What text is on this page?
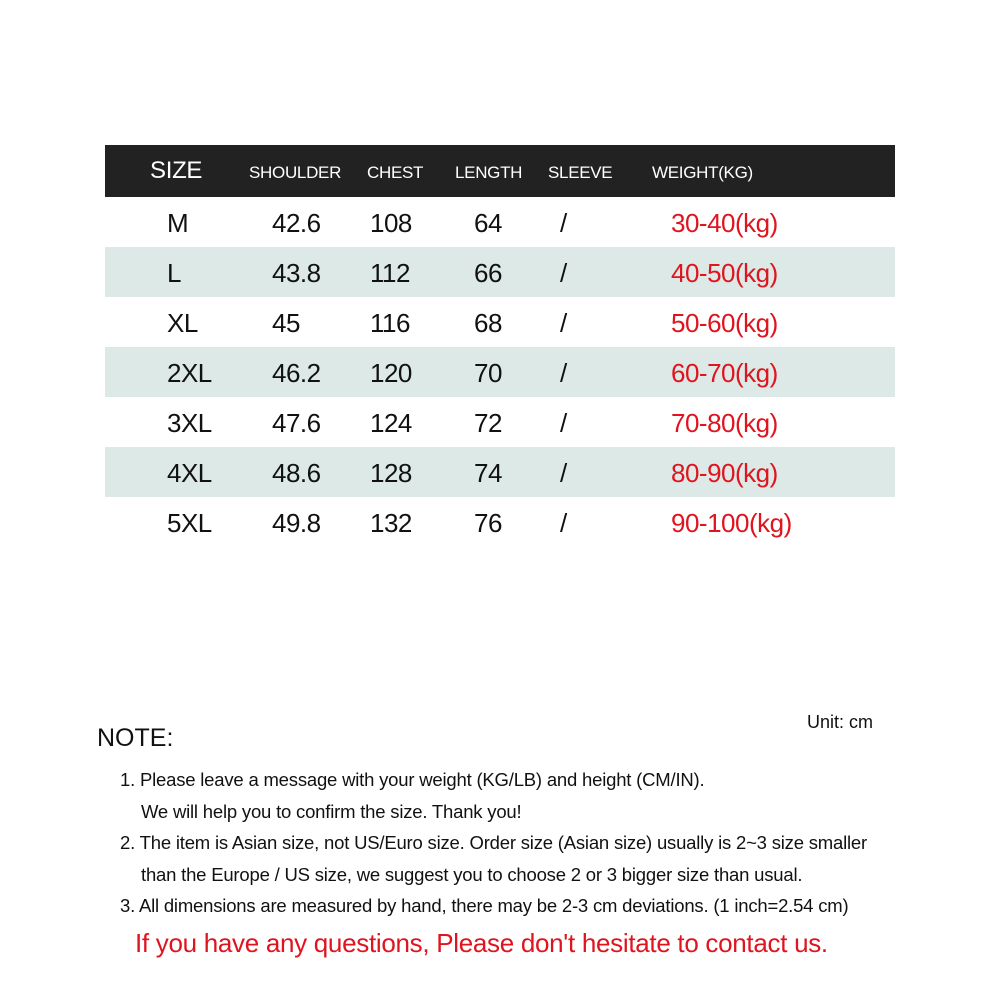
SIZE	SHOULDER CHEST LENGTH SLEEVE WEIGHT(KG)
M	42.6 108 64 /	30-40(kg)
L	43.8 112 66 /	40-50(kg)
XL	45	116 68 /	50-60(kg)
2XL 46.2 120 70 /	60-70(kg)
3XL 47.6 124 72 /	70-80(kg)
4XL 48.6 128 74 /	80-90(kg)
5XL 49.8 132 76 /	90-100(kg)
Unit: cm
NOTE:
1. Please leave a message with your weight (KG/LB) and height (CM/IN).
We will help you to confirm the size. Thank you!
2. The item is Asian size, not US/Euro size. Order size (Asian size) usually is 2~3 size smaller
than the Europe / US size, we suggest you to choose 2 or 3 bigger size than usual.
3. All dimensions are measured by hand, there may be 2-3 cm deviations. (1 inch=2.54 cm)
If you have any questions, Please don't hesitate to contact us.
